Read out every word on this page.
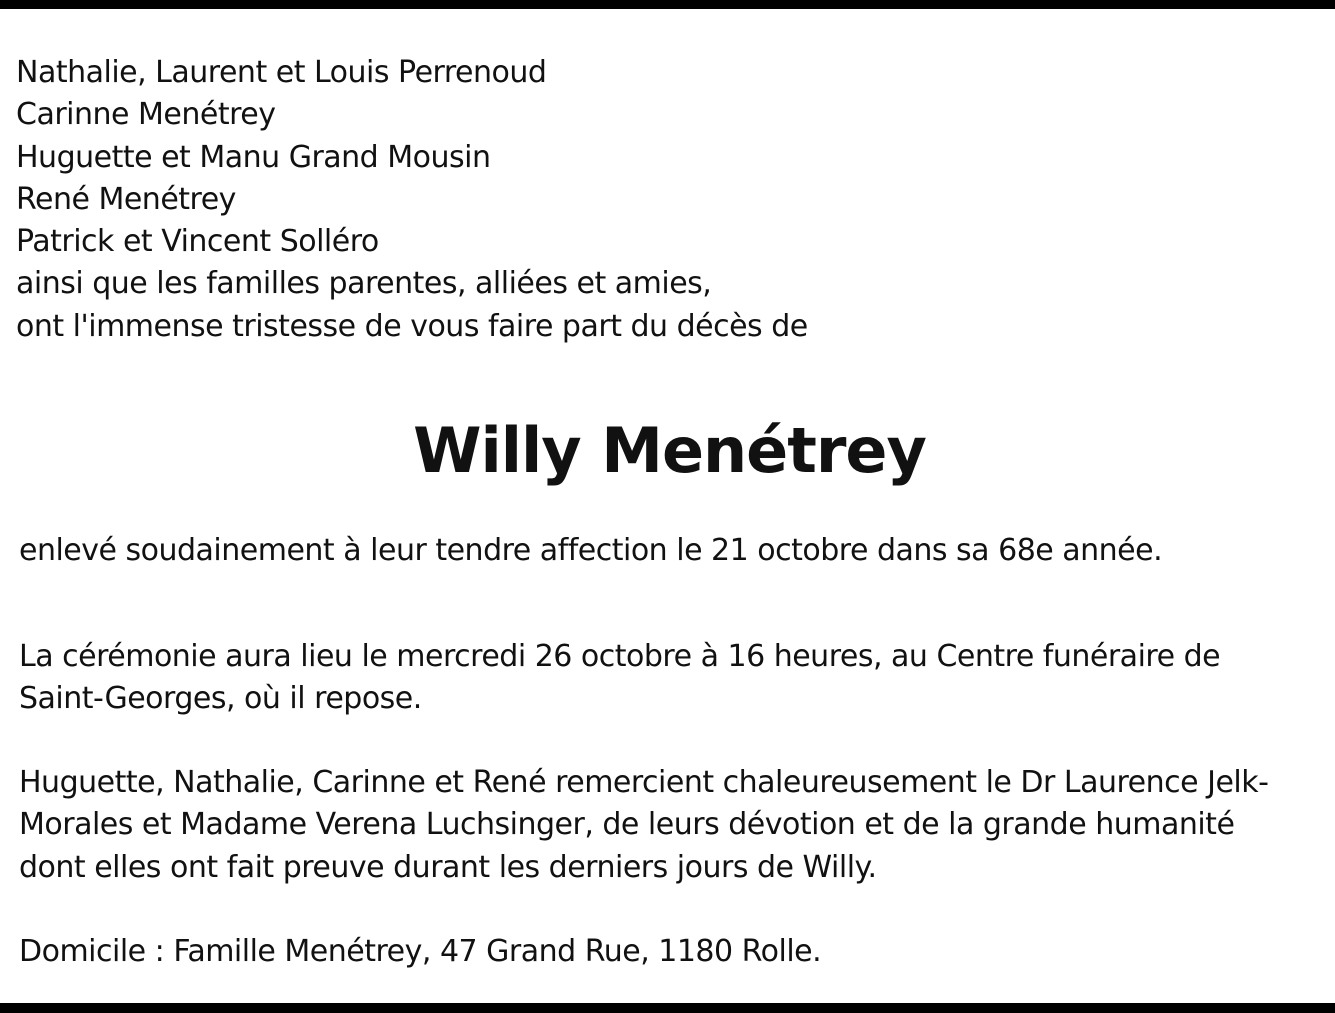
Nathalie, Laurent et Louis Perrenoud
Carinne Menétrey
Huguette et Manu Grand Mousin
René Menétrey
Patrick et Vincent Solléro
ainsi que les familles parentes, alliées et amies,
ont l'immense tristesse de vous faire part du décès de
Willy Menétrey

enlevé soudainement à leur tendre affection le 21 octobre dans sa 68e année.

La cérémonie aura lieu le mercredi 26 octobre à 16 heures, au Centre funéraire de Saint-Georges, où il repose.

Huguette, Nathalie, Carinne et René remercient chaleureusement le Dr Laurence Jelk-Morales et Madame Verena Luchsinger, de leurs dévotion et de la grande humanité dont elles ont fait preuve durant les derniers jours de Willy.

Domicile : Famille Menétrey, 47 Grand Rue, 1180 Rolle.
